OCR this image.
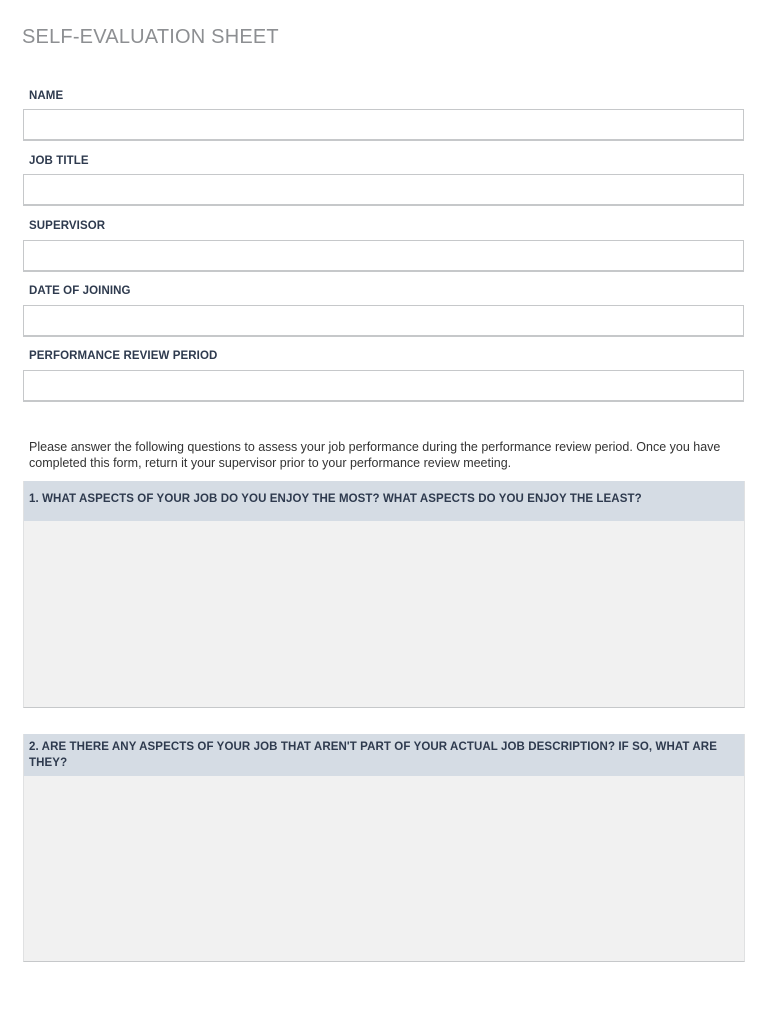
SELF-EVALUATION SHEET
NAME
JOB TITLE
SUPERVISOR
DATE OF JOINING
PERFORMANCE REVIEW PERIOD
Please answer the following questions to assess your job performance during the performance review period. Once you have completed this form, return it your supervisor prior to your performance review meeting.
1. WHAT ASPECTS OF YOUR JOB DO YOU ENJOY THE MOST? WHAT ASPECTS DO YOU ENJOY THE LEAST?
2. ARE THERE ANY ASPECTS OF YOUR JOB THAT AREN'T PART OF YOUR ACTUAL JOB DESCRIPTION? IF SO, WHAT ARE THEY?
